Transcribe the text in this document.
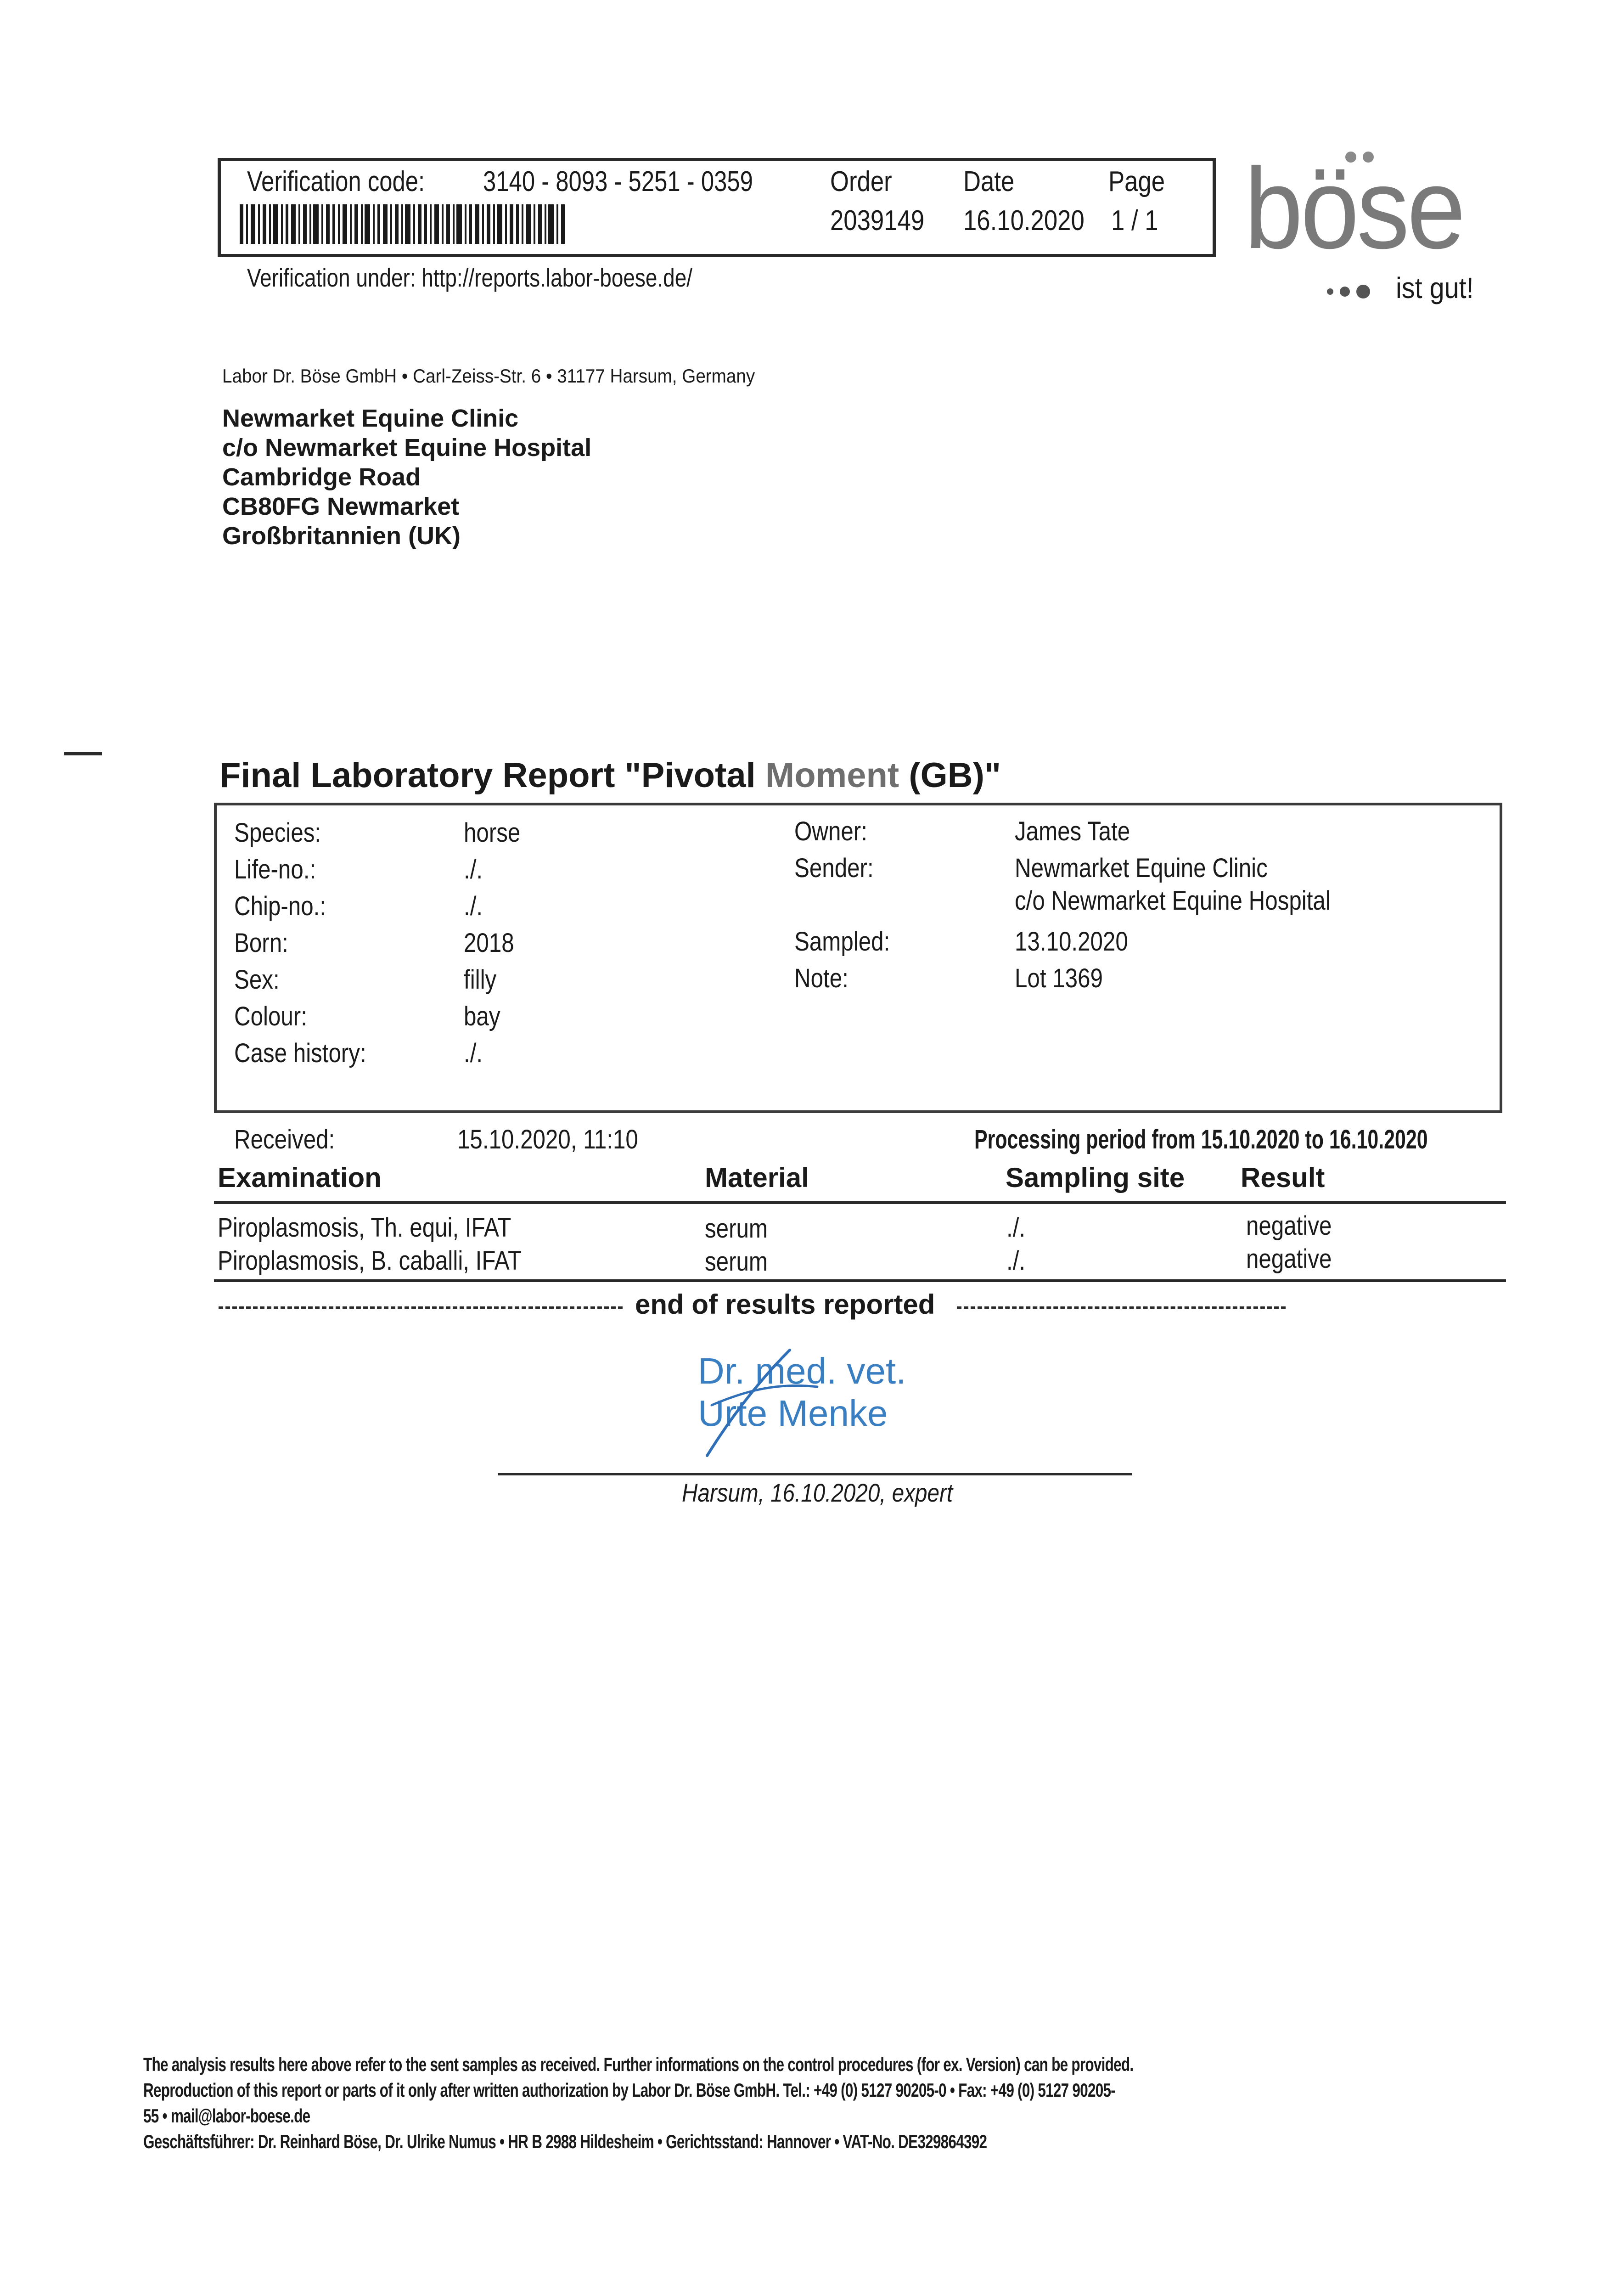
Verification code:	3140 - 8093 - 5251 - 0359	Order	Date	Page
2039149	16.10.2020 1 / 1
Verification under: http://reports.labor-boese.de/
böse
ist gut!
Labor Dr. Böse GmbH • Carl-Zeiss-Str. 6 • 31177 Harsum, Germany
Newmarket Equine Clinic
c/o Newmarket Equine Hospital
Cambridge Road
CB80FG Newmarket
Großbritannien (UK)
Final Laboratory Report "Pivotal Moment (GB)"
Species:	horse
Life-no.:	./.
Chip-no.:	./.
Born:	2018
Sex:	filly
Colour:	bay
Case history:	./.
Owner:	James Tate
Sender:	Newmarket Equine Clinic
c/o Newmarket Equine Hospital
Sampled:	13.10.2020
Note:	Lot 1369
Received:	15.10.2020, 11:10	Processing period from 15.10.2020 to 16.10.2020
Examination	Material	Sampling site Result
Piroplasmosis, Th. equi, IFAT	serum	./.	negative
Piroplasmosis, B. caballi, IFAT	serum	./.	negative
end of results reported
Dr. med. vet.
Urte Menke
Harsum, 16.10.2020, expert
The analysis results here above refer to the sent samples as received. Further informations on the control procedures (for ex. Version) can be provided.
Reproduction of this report or parts of it only after written authorization by Labor Dr. Böse GmbH. Tel.: +49 (0) 5127 90205-0 • Fax: +49 (0) 5127 90205-
55 • mail@labor-boese.de
Geschäftsführer: Dr. Reinhard Böse, Dr. Ulrike Numus • HR B 2988 Hildesheim • Gerichtsstand: Hannover • VAT-No. DE329864392
